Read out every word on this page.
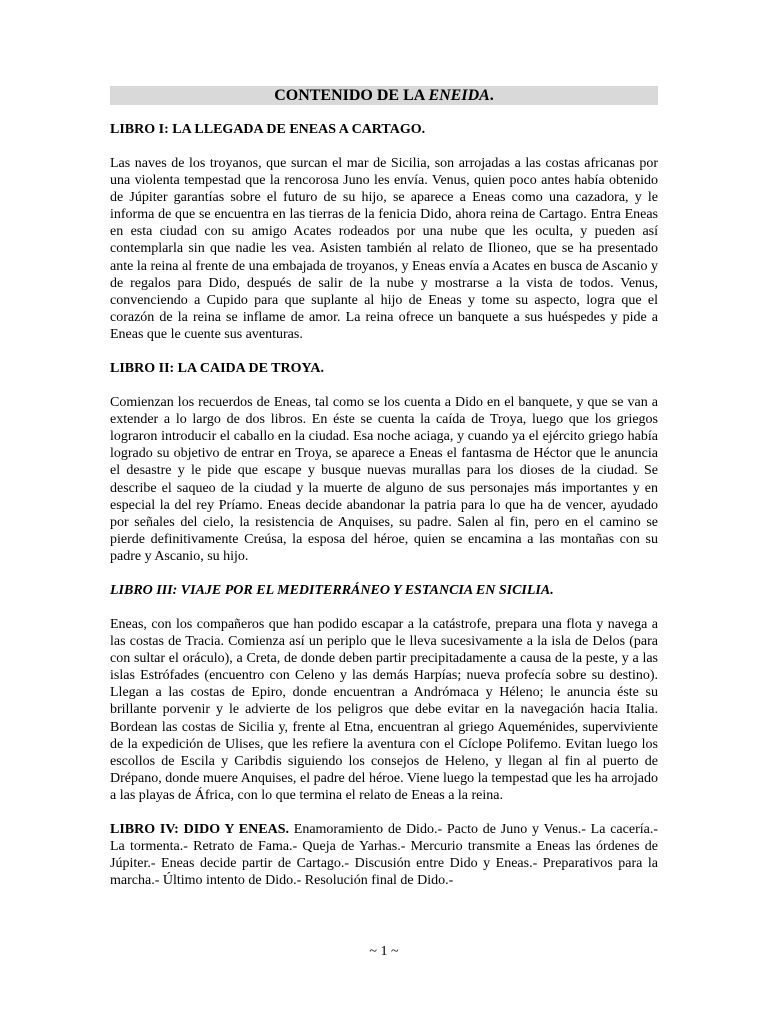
CONTENIDO DE LA ENEIDA.
LIBRO I: LA LLEGADA DE ENEAS A CARTAGO.

Las naves de los troyanos, que surcan el mar de Sicilia, son arrojadas a las costas africanas por una violenta tempestad que la rencorosa Juno les envía. Venus, quien poco antes había obtenido de Júpiter garantías sobre el futuro de su hijo, se aparece a Eneas como una cazadora, y le informa de que se encuentra en las tierras de la fenicia Dido, ahora reina de Cartago. Entra Eneas en esta ciudad con su amigo Acates rodeados por una nube que les oculta, y pueden así contemplarla sin que nadie les vea. Asisten también al relato de Ilioneo, que se ha presentado ante la reina al frente de una embajada de troyanos, y Eneas envía a Acates en busca de Ascanio y de regalos para Dido, después de salir de la nube y mostrarse a la vista de todos. Venus, convenciendo a Cupido para que suplante al hijo de Eneas y tome su aspecto, logra que el corazón de la reina se inflame de amor. La reina ofrece un banquete a sus huéspedes y pide a Eneas que le cuente sus aventuras.

LIBRO II: LA CAIDA DE TROYA.

Comienzan los recuerdos de Eneas, tal como se los cuenta a Dido en el banquete, y que se van a extender a lo largo de dos libros. En éste se cuenta la caída de Troya, luego que los griegos lograron introducir el caballo en la ciudad. Esa noche aciaga, y cuando ya el ejército griego había logrado su objetivo de entrar en Troya, se aparece a Eneas el fantasma de Héctor que le anuncia el desastre y le pide que escape y busque nuevas murallas para los dioses de la ciudad. Se describe el saqueo de la ciudad y la muerte de alguno de sus personajes más importantes y en especial la del rey Príamo. Eneas decide abandonar la patria para lo que ha de vencer, ayudado por señales del cielo, la resistencia de Anquises, su padre. Salen al fin, pero en el camino se pierde definitivamente Creúsa, la esposa del héroe, quien se encamina a las montañas con su padre y Ascanio, su hijo.

LIBRO III: VIAJE POR EL MEDITERRÁNEO Y ESTANCIA EN SICILIA.

Eneas, con los compañeros que han podido escapar a la catástrofe, prepara una flota y navega a las costas de Tracia. Comienza así un periplo que le lleva sucesivamente a la isla de Delos (para con sultar el oráculo), a Creta, de donde deben partir precipitadamente a causa de la peste, y a las islas Estrófades (encuentro con Celeno y las demás Harpías; nueva profecía sobre su destino). Llegan a las costas de Epiro, donde encuentran a Andrómaca y Héleno; le anuncia éste su brillante porvenir y le advierte de los peligros que debe evitar en la navegación hacia Italia. Bordean las costas de Sicilia y, frente al Etna, encuentran al griego Aqueménides, superviviente de la expedición de Ulises, que les refiere la aventura con el Cíclope Polifemo. Evitan luego los escollos de Escila y Caribdis siguiendo los consejos de Heleno, y llegan al fin al puerto de Drépano, donde muere Anquises, el padre del héroe. Viene luego la tempestad que les ha arrojado a las playas de África, con lo que termina el relato de Eneas a la reina.

LIBRO IV: DIDO Y ENEAS. Enamoramiento de Dido.- Pacto de Juno y Venus.- La cacería.- La tormenta.- Retrato de Fama.- Queja de Yarhas.- Mercurio transmite a Eneas las órdenes de Júpiter.- Eneas decide partir de Cartago.- Discusión entre Dido y Eneas.- Preparativos para la marcha.- Último intento de Dido.- Resolución final de Dido.-

~ 1 ~
